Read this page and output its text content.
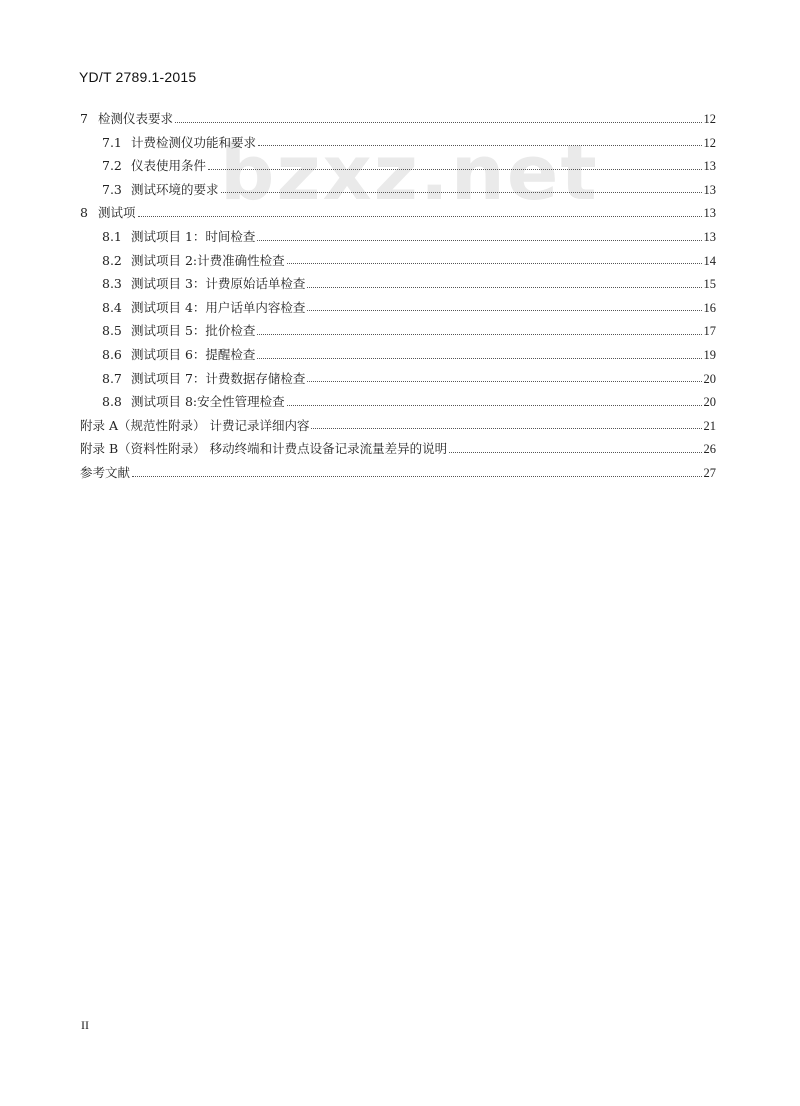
YD/T 2789.1-2015
bzxz.net
7 检测仪表要求	12
7.1 计费检测仪功能和要求	12
7.2 仪表使用条件	13
7.3 测试环境的要求	13
8 测试项	13
8.1 测试项目 1：时间检查	13
8.2 测试项目 2:计费准确性检查	14
8.3 测试项目 3：计费原始话单检查	15
8.4 测试项目 4：用户话单内容检查	16
8.5 测试项目 5：批价检查	17
8.6 测试项目 6：提醒检查	19
8.7 测试项目 7：计费数据存储检查	20
8.8 测试项目 8:安全性管理检查	20
附录 A（规范性附录） 计费记录详细内容	21
附录 B（资料性附录） 移动终端和计费点设备记录流量差异的说明	26
参考文献	27
II
